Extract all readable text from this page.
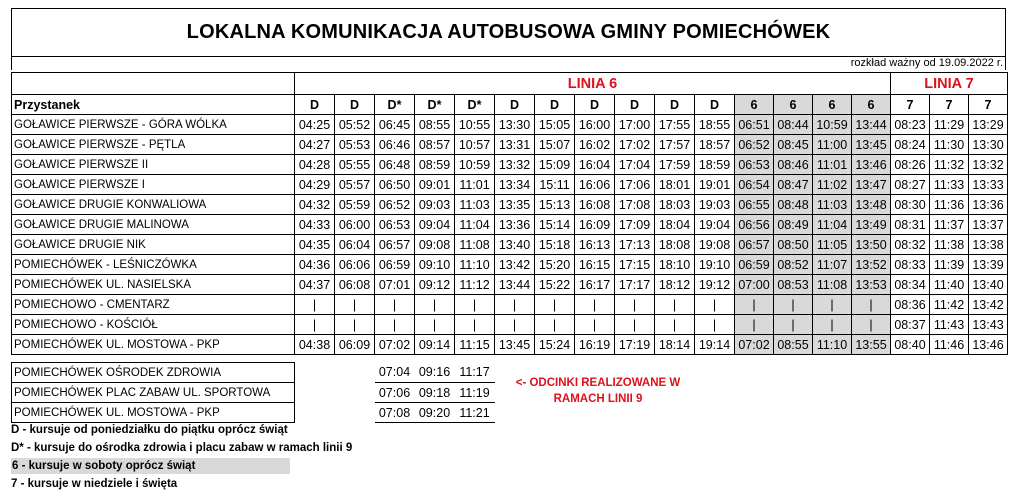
LOKALNA KOMUNIKACJA AUTOBUSOWA GMINY POMIECHÓWEK
rozkład ważny od 19.09.2022 r.
	LINIA 6															LINIA 7		
Przystanek	D	D	D*	D*	D*	D	D	D	D	D	D	6	6	6	6	7	7	7
GOŁAWICE PIERWSZE - GÓRA WÓLKA	04:25	05:52	06:45	08:55	10:55	13:30	15:05	16:00	17:00	17:55	18:55	06:51	08:44	10:59	13:44	08:23	11:29	13:29
GOŁAWICE PIERWSZE - PĘTLA	04:27	05:53	06:46	08:57	10:57	13:31	15:07	16:02	17:02	17:57	18:57	06:52	08:45	11:00	13:45	08:24	11:30	13:30
GOŁAWICE PIERWSZE II	04:28	05:55	06:48	08:59	10:59	13:32	15:09	16:04	17:04	17:59	18:59	06:53	08:46	11:01	13:46	08:26	11:32	13:32
GOŁAWICE PIERWSZE I	04:29	05:57	06:50	09:01	11:01	13:34	15:11	16:06	17:06	18:01	19:01	06:54	08:47	11:02	13:47	08:27	11:33	13:33
GOŁAWICE DRUGIE KONWALIOWA	04:32	05:59	06:52	09:03	11:03	13:35	15:13	16:08	17:08	18:03	19:03	06:55	08:48	11:03	13:48	08:30	11:36	13:36
GOŁAWICE DRUGIE MALINOWA	04:33	06:00	06:53	09:04	11:04	13:36	15:14	16:09	17:09	18:04	19:04	06:56	08:49	11:04	13:49	08:31	11:37	13:37
GOŁAWICE DRUGIE NIK	04:35	06:04	06:57	09:08	11:08	13:40	15:18	16:13	17:13	18:08	19:08	06:57	08:50	11:05	13:50	08:32	11:38	13:38
POMIECHÓWEK - LEŚNICZÓWKA	04:36	06:06	06:59	09:10	11:10	13:42	15:20	16:15	17:15	18:10	19:10	06:59	08:52	11:07	13:52	08:33	11:39	13:39
POMIECHÓWEK UL. NASIELSKA	04:37	06:08	07:01	09:12	11:12	13:44	15:22	16:17	17:17	18:12	19:12	07:00	08:53	11:08	13:53	08:34	11:40	13:40
POMIECHOWO - CMENTARZ	|	|	|	|	|	|	|	|	|	|	|	|	|	|	|	08:36	11:42	13:42
POMIECHOWO - KOŚCIÓŁ	|	|	|	|	|	|	|	|	|	|	|	|	|	|	|	08:37	11:43	13:43
POMIECHÓWEK UL. MOSTOWA - PKP	04:38	06:09	07:02	09:14	11:15	13:45	15:24	16:19	17:19	18:14	19:14	07:02	08:55	11:10	13:55	08:40	11:46	13:46
POMIECHÓWEK OŚRODEK ZDROWIA		07:04	09:16	11:17
POMIECHÓWEK PLAC ZABAW UL. SPORTOWA		07:06	09:18	11:19
POMIECHÓWEK UL. MOSTOWA - PKP		07:08	09:20	11:21
<- ODCINKI REALIZOWANE W
RAMACH LINII 9
D - kursuje od poniedziałku do piątku oprócz świąt
D* - kursuje do ośrodka zdrowia i placu zabaw w ramach linii 9
6 - kursuje w soboty oprócz świąt
7 - kursuje w niedziele i święta
